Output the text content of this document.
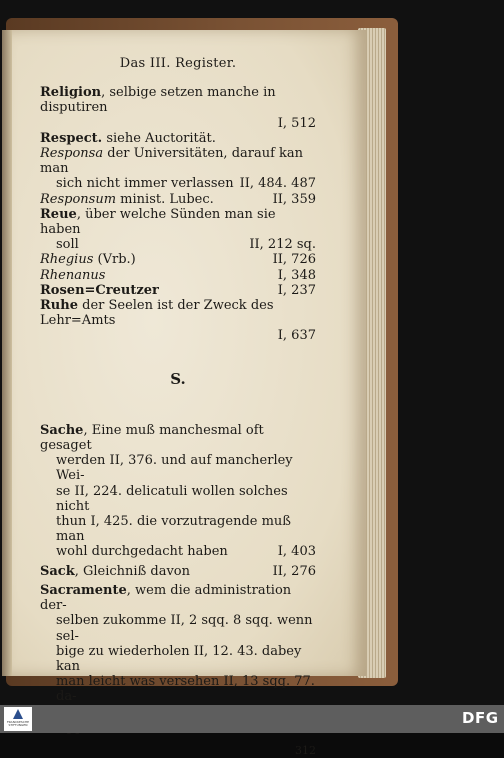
Das III. Register.
Religion, selbige setzen manche in disputiren
I, 512
Respect. siehe Auctorität.
Responsa der Universitäten, darauf kan man
II, 484. 487
sich nicht immer verlassen
II, 359
Responsum minist. Lubec.
Reue, über welche Sünden man sie haben
II, 212 sq.
soll
II, 726
Rhegius (Vrb.)
I, 348
Rhenanus
I, 237
Rosen=Creutzer
Ruhe der Seelen ist der Zweck des Lehr=Amts
I, 637
S.
Sache, Eine muß manchesmal oft gesaget
werden II, 376. und auf mancherley Wei-
se II, 224. delicatuli wollen solches nicht
thun I, 425. die vorzutragende muß man
I, 403
wohl durchgedacht haben
II, 276
Sack, Gleichniß davon
Sacramente, wem die administration der-
selben zukomme II, 2 sqq. 8 sqq. wenn sel-
bige zu wiederholen II, 12. 43. dabey kan
man leicht was versehen II, 13 sqq. 77. da-
312
FRANCKESCHE STIFTUNGEN	DFG
